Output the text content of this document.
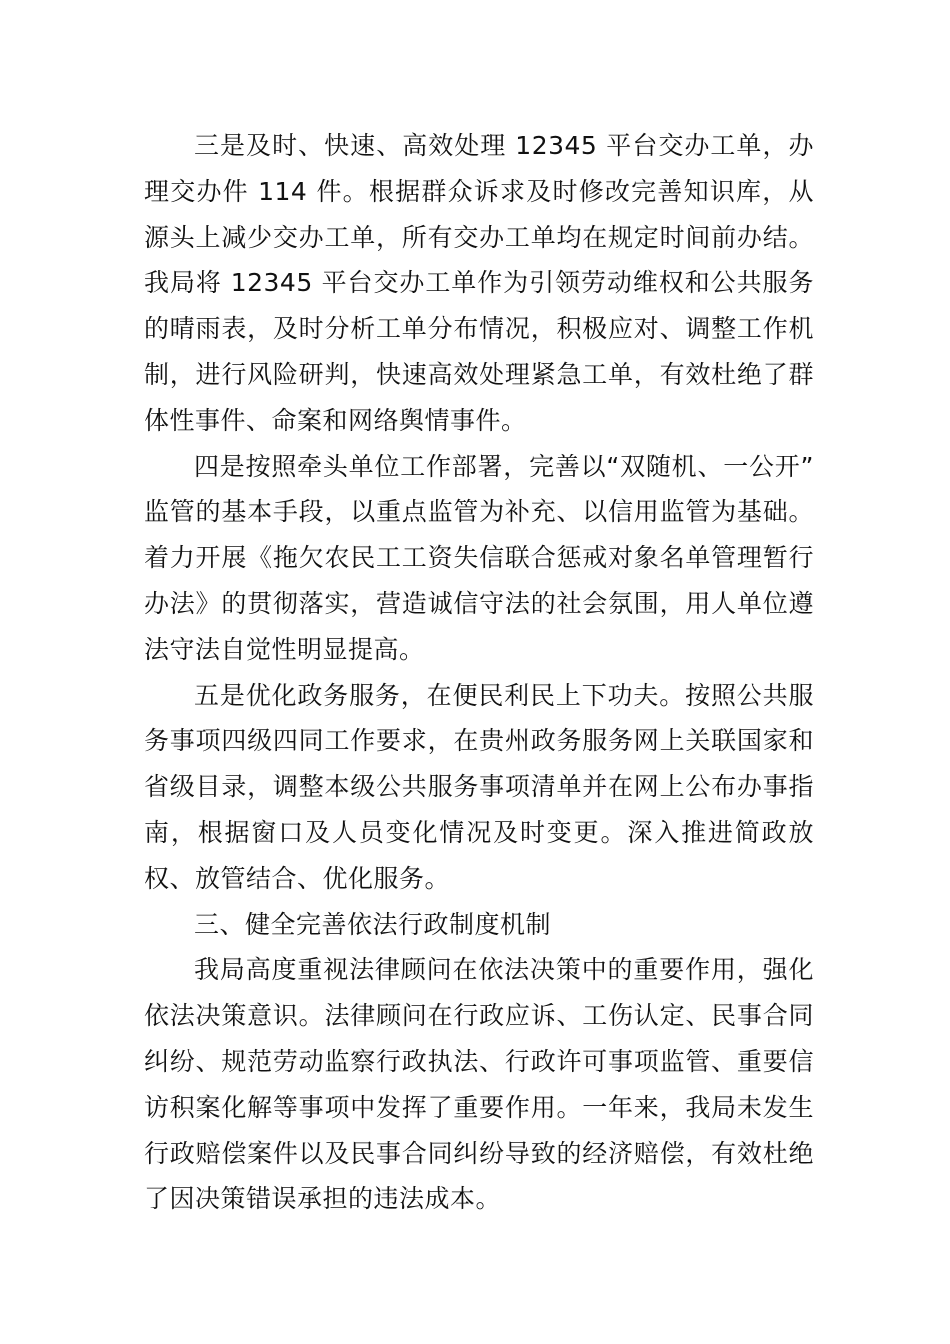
三是及时、快速、高效处理 12345 平台交办工单，办理交办件 114 件。根据群众诉求及时修改完善知识库，从源头上减少交办工单，所有交办工单均在规定时间前办结。我局将 12345 平台交办工单作为引领劳动维权和公共服务的晴雨表，及时分析工单分布情况，积极应对、调整工作机制，进行风险研判，快速高效处理紧急工单，有效杜绝了群体性事件、命案和网络舆情事件。

四是按照牵头单位工作部署，完善以“双随机、一公开” 监管的基本手段，以重点监管为补充、以信用监管为基础。 着力开展《拖欠农民工工资失信联合惩戒对象名单管理暂行办法》的贯彻落实，营造诚信守法的社会氛围，用人单位遵法守法自觉性明显提高。

五是优化政务服务，在便民利民上下功夫。按照公共服务事项四级四同工作要求，在贵州政务服务网上关联国家和省级目录，调整本级公共服务事项清单并在网上公布办事指南，根据窗口及人员变化情况及时变更。深入推进简政放权、放管结合、优化服务。

三、健全完善依法行政制度机制

我局高度重视法律顾问在依法决策中的重要作用，强化依法决策意识。法律顾问在行政应诉、工伤认定、民事合同纠纷、规范劳动监察行政执法、行政许可事项监管、重要信访积案化解等事项中发挥了重要作用。一年来，我局未发生行政赔偿案件以及民事合同纠纷导致的经济赔偿，有效杜绝了因决策错误承担的违法成本。
